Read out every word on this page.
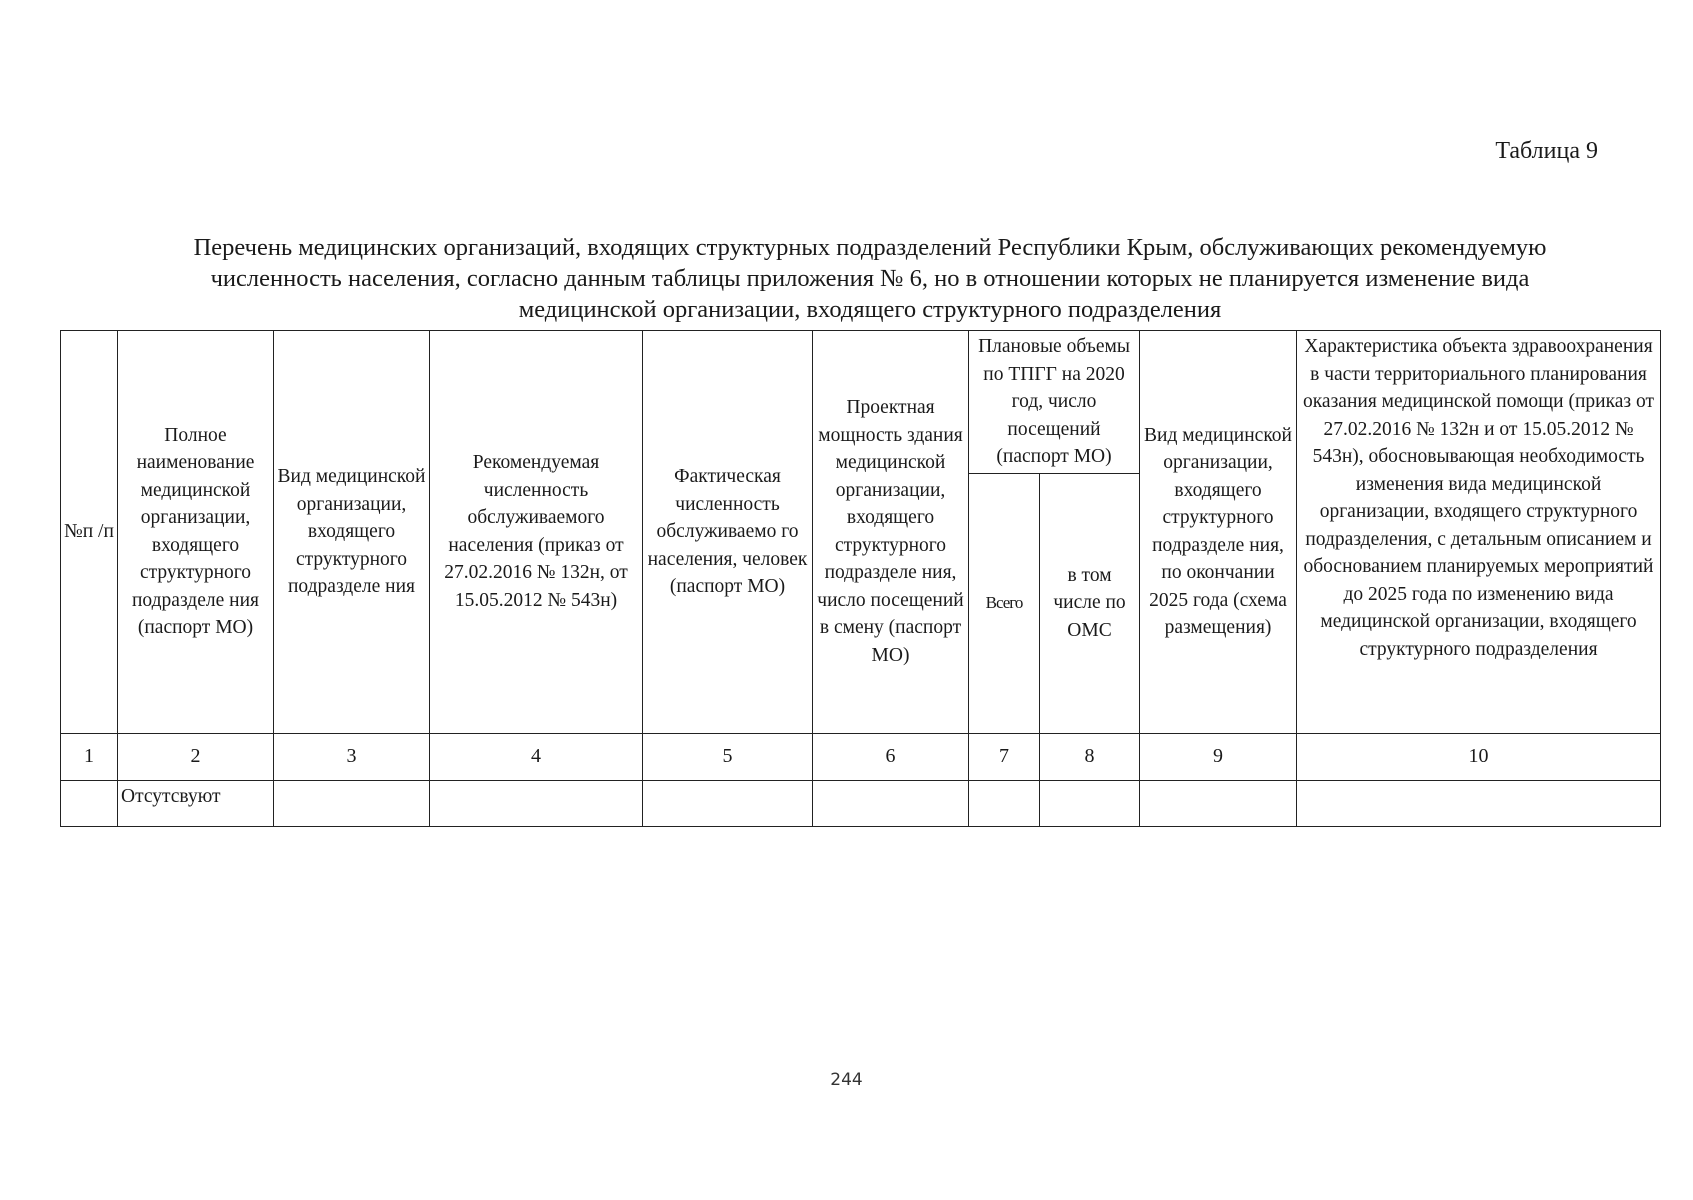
Таблица 9
Перечень медицинских организаций, входящих структурных подразделений Республики Крым, обслуживающих рекомендуемую численность населения, согласно данным таблицы приложения № 6, но в отношении которых не планируется изменение вида медицинской организации, входящего структурного подразделения
№п /п	Полное наименование медицинской организации, входящего структурного подразделе ния (паспорт МО)	Вид медицинской организации, входящего структурного подразделе ния	Рекомендуемая численность обслуживаемого населения (приказ от 27.02.2016 № 132н, от 15.05.2012 № 543н)	Фактическая численность обслуживаемо го населения, человек (паспорт МО)	Проектная мощность здания медицинской организации, входящего структурного подразделе ния, число посещений в смену (паспорт МО)	Плановые объемы по ТПГГ на 2020 год, число посещений (паспорт МО)		Вид медицинской организации, входящего структурного подразделе ния, по окончании 2025 года (схема размещения)	Характеристика объекта здравоохранения в части территориального планирования оказания медицинской помощи (приказ от 27.02.2016 № 132н и от 15.05.2012 № 543н), обосновывающая необходимость изменения вида медицинской организации, входящего структурного подразделения, с детальным описанием и обоснованием планируемых мероприятий до 2025 года по изменению вида медицинской организации, входящего структурного подразделения
						Всего	в том числе по ОМС		
1	2	3	4	5	6	7	8	9	10
	Отсутсвуют								
244
